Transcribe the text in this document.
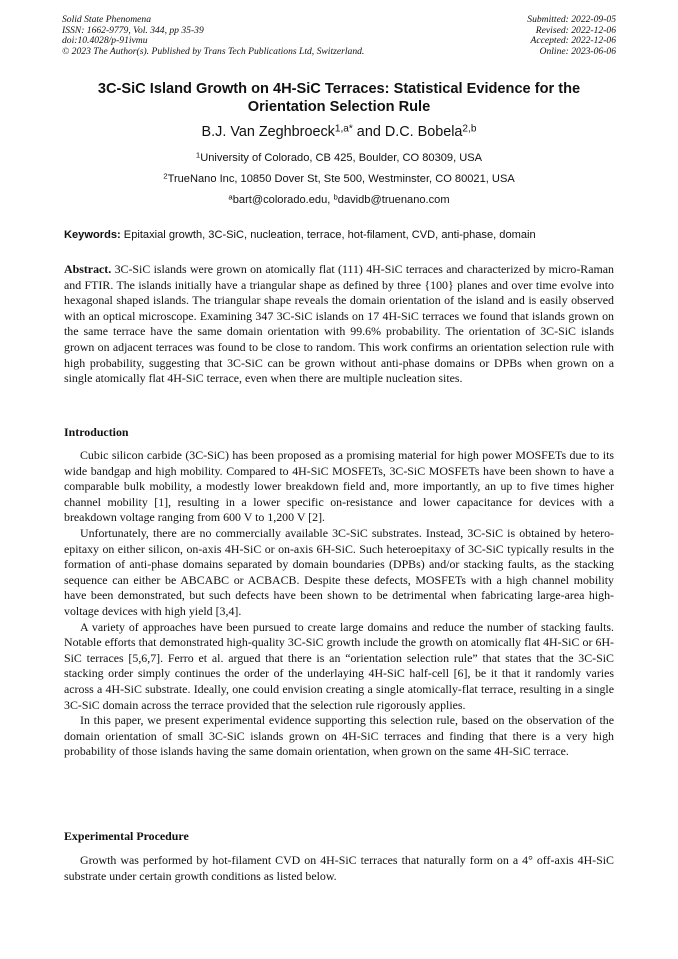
Solid State Phenomena
ISSN: 1662-9779, Vol. 344, pp 35-39
doi:10.4028/p-91ivmu
© 2023 The Author(s). Published by Trans Tech Publications Ltd, Switzerland.
Submitted: 2022-09-05
Revised: 2022-12-06
Accepted: 2022-12-06
Online: 2023-06-06
3C-SiC Island Growth on 4H-SiC Terraces: Statistical Evidence for the
Orientation Selection Rule
B.J. Van Zeghbroeck$^{1,a*}$ and D.C. Bobela$^{2,b}$
$^1$University of Colorado, CB 425, Boulder, CO 80309, USA
$^2$TrueNano Inc, 10850 Dover St, Ste 500, Westminster, CO 80021, USA
$^a$bart@colorado.edu, $^b$davidb@truenano.com
Keywords: Epitaxial growth, 3C-SiC, nucleation, terrace, hot-filament, CVD, anti-phase, domain
Abstract. 3C-SiC islands were grown on atomically flat (111) 4H-SiC terraces and characterized by micro-Raman and FTIR. The islands initially have a triangular shape as defined by three {100} planes and over time evolve into hexagonal shaped islands. The triangular shape reveals the domain orientation of the island and is easily observed with an optical microscope. Examining 347 3C-SiC islands on 17 4H-SiC terraces we found that islands grown on the same terrace have the same domain orientation with 99.6% probability. The orientation of 3C-SiC islands grown on adjacent terraces was found to be close to random. This work confirms an orientation selection rule with high probability, suggesting that 3C-SiC can be grown without anti-phase domains or DPBs when grown on a single atomically flat 4H-SiC terrace, even when there are multiple nucleation sites.
Introduction

Cubic silicon carbide (3C-SiC) has been proposed as a promising material for high power MOSFETs due to its wide bandgap and high mobility. Compared to 4H-SiC MOSFETs, 3C-SiC MOSFETs have been shown to have a comparable bulk mobility, a modestly lower breakdown field and, more importantly, an up to five times higher channel mobility [1], resulting in a lower specific on-resistance and lower capacitance for devices with a breakdown voltage ranging from 600 V to 1,200 V [2].

Unfortunately, there are no commercially available 3C-SiC substrates. Instead, 3C-SiC is obtained by hetero-epitaxy on either silicon, on-axis 4H-SiC or on-axis 6H-SiC. Such heteroepitaxy of 3C-SiC typically results in the formation of anti-phase domains separated by domain boundaries (DPBs) and/or stacking faults, as the stacking sequence can either be ABCABC or ACBACB. Despite these defects, MOSFETs with a high channel mobility have been demonstrated, but such defects have been shown to be detrimental when fabricating large-area high-voltage devices with high yield [3,4].

A variety of approaches have been pursued to create large domains and reduce the number of stacking faults. Notable efforts that demonstrated high-quality 3C-SiC growth include the growth on atomically flat 4H-SiC or 6H-SiC terraces [5,6,7]. Ferro et al. argued that there is an “orientation selection rule” that states that the 3C-SiC stacking order simply continues the order of the underlaying 4H-SiC half-cell [6], be it that it randomly varies across a 4H-SiC substrate. Ideally, one could envision creating a single atomically-flat terrace, resulting in a single 3C-SiC domain across the terrace provided that the selection rule rigorously applies.

In this paper, we present experimental evidence supporting this selection rule, based on the observation of the domain orientation of small 3C-SiC islands grown on 4H-SiC terraces and finding that there is a very high probability of those islands having the same domain orientation, when grown on the same 4H-SiC terrace.

Experimental Procedure

Growth was performed by hot-filament CVD on 4H-SiC terraces that naturally form on a 4° off-axis 4H-SiC substrate under certain growth conditions as listed below.
